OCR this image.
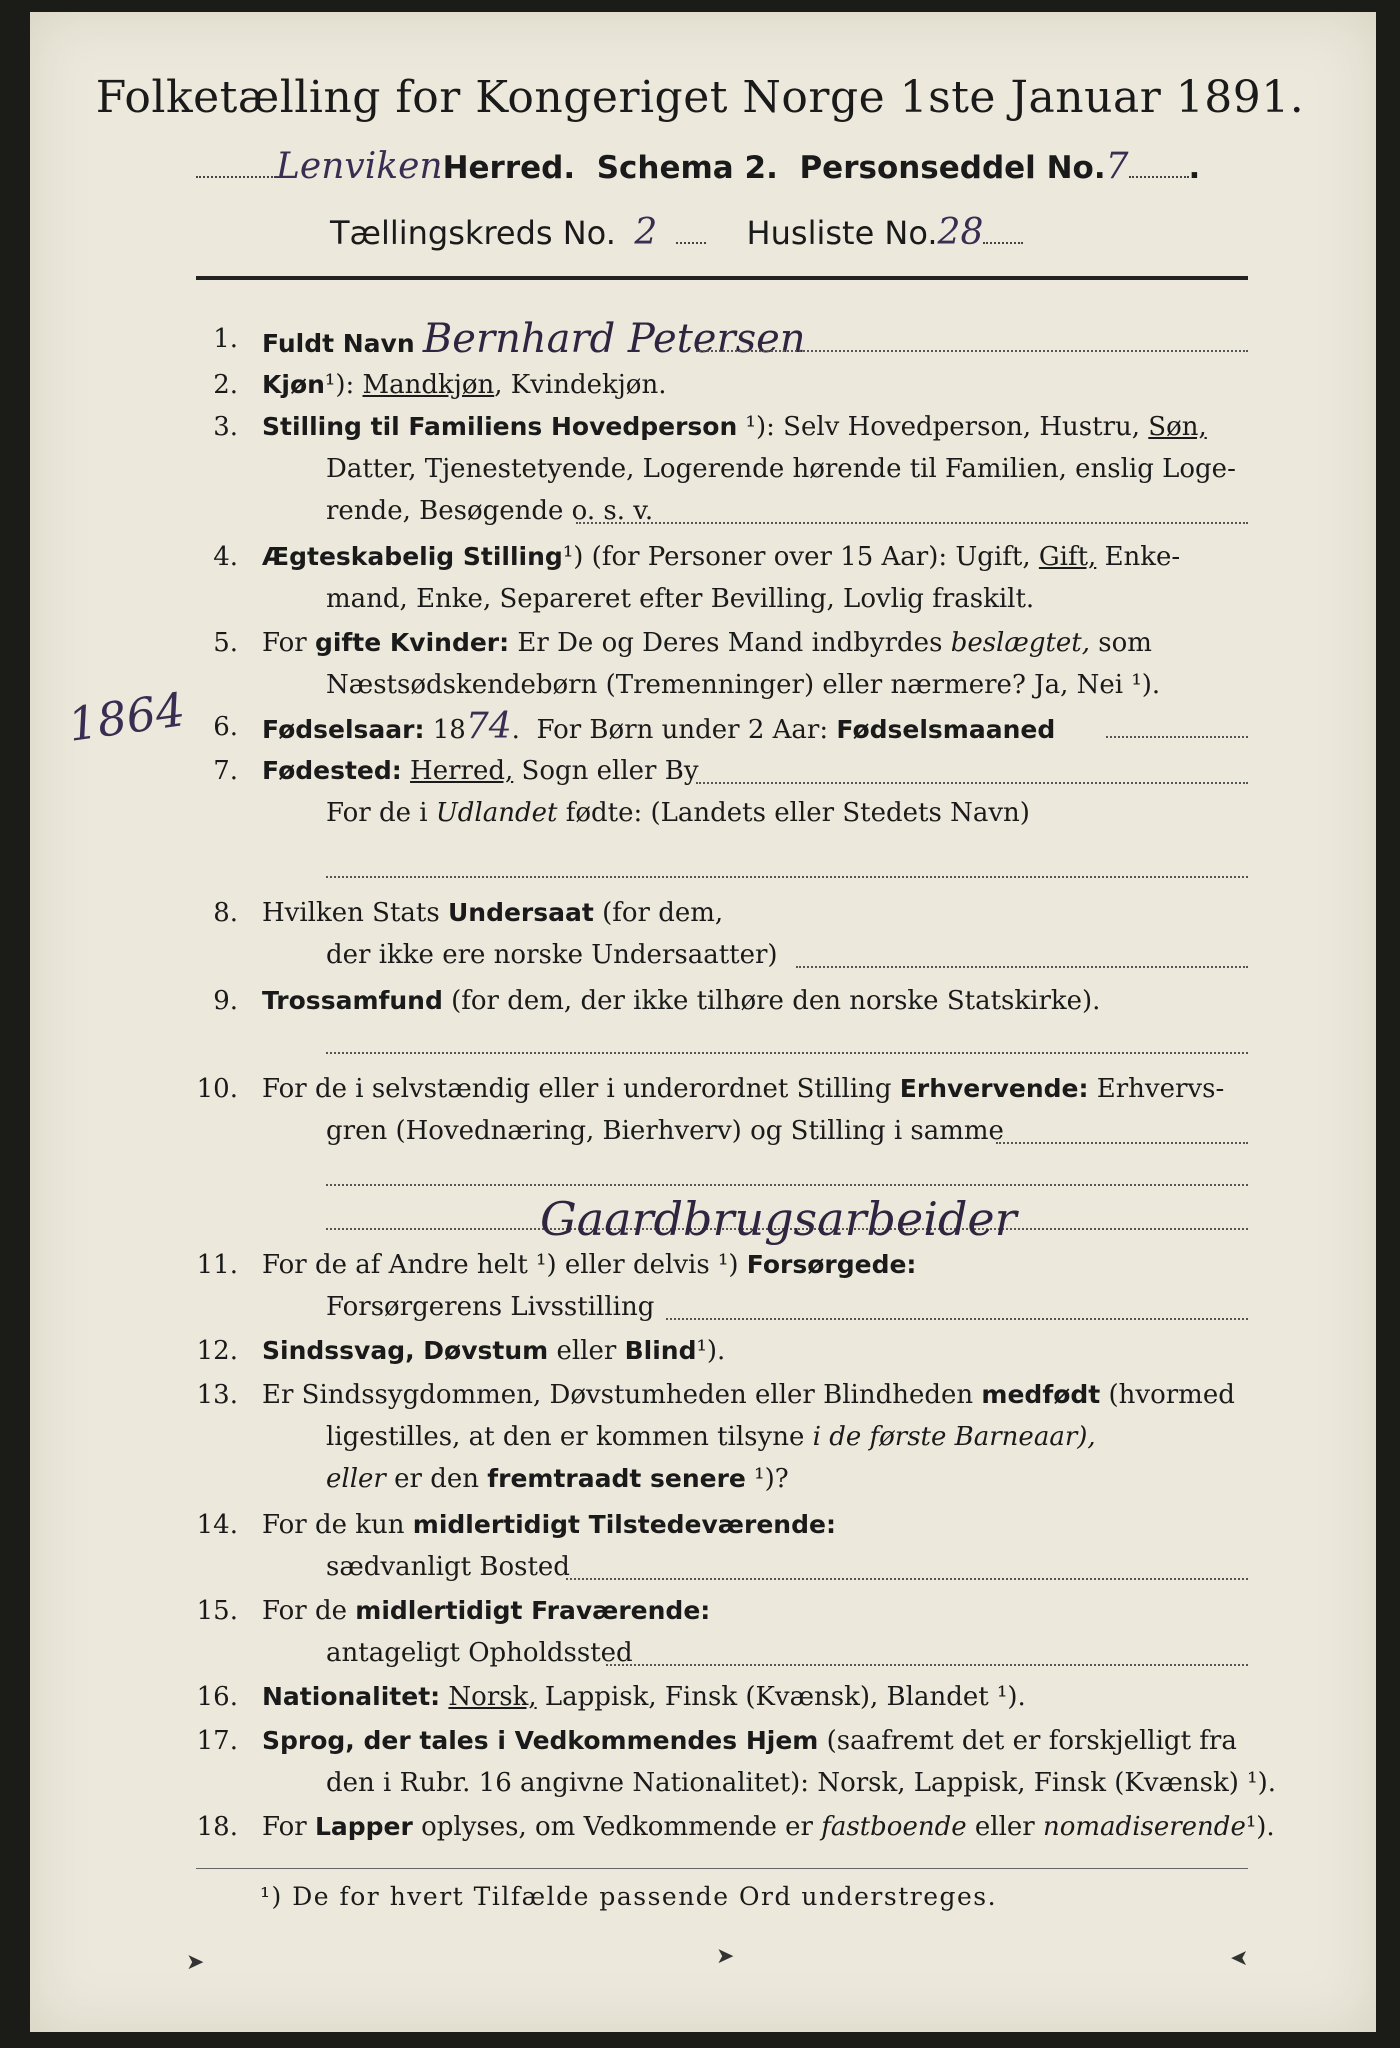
Folketælling for Kongeriget Norge 1ste Januar 1891.
LenvikenHerred. Schema 2. Personseddel No.7 .
Tællingskreds No. 2	Husliste No.28
1. Fuldt Navn Bernhard Petersen
2. Kjøn¹): Mandkjøn, Kvindekjøn.
3. Stilling til Familiens Hovedperson ¹): Selv Hovedperson, Hustru, Søn,
Datter, Tjenestetyende, Logerende hørende til Familien, enslig Loge-
rende, Besøgende o. s. v.
4. Ægteskabelig Stilling¹) (for Personer over 15 Aar): Ugift, Gift, Enke-
mand, Enke, Separeret efter Bevilling, Lovlig fraskilt.
5. For gifte Kvinder: Er De og Deres Mand indbyrdes beslægtet, som
Næstsødskendebørn (Tremenninger) eller nærmere? Ja, Nei ¹).
1864 6. Fødselsaar: 1874.  For Børn under 2 Aar: Fødselsmaaned
7. Fødested: Herred, Sogn eller By
For de i Udlandet fødte: (Landets eller Stedets Navn)
8. Hvilken Stats Undersaat (for dem,
der ikke ere norske Undersaatter)
9. Trossamfund (for dem, der ikke tilhøre den norske Statskirke).
10. For de i selvstændig eller i underordnet Stilling Erhvervende: Erhvervs-
gren (Hovednæring, Bierhverv) og Stilling i samme
Gaardbrugsarbeider
11. For de af Andre helt ¹) eller delvis ¹) Forsørgede:
Forsørgerens Livsstilling
12. Sindssvag, Døvstum eller Blind¹).
13. Er Sindssygdommen, Døvstumheden eller Blindheden medfødt (hvormed
ligestilles, at den er kommen tilsyne i de første Barneaar),
eller er den fremtraadt senere ¹)?
14. For de kun midlertidigt Tilstedeværende:
sædvanligt Bosted
15. For de midlertidigt Fraværende:
antageligt Opholdssted
16. Nationalitet: Norsk, Lappisk, Finsk (Kvænsk), Blandet ¹).
17. Sprog, der tales i Vedkommendes Hjem (saafremt det er forskjelligt fra
den i Rubr. 16 angivne Nationalitet): Norsk, Lappisk, Finsk (Kvænsk) ¹).
18. For Lapper oplyses, om Vedkommende er fastboende eller nomadiserende¹).
¹) De for hvert Tilfælde passende Ord understreges.
➤	➤	➤
